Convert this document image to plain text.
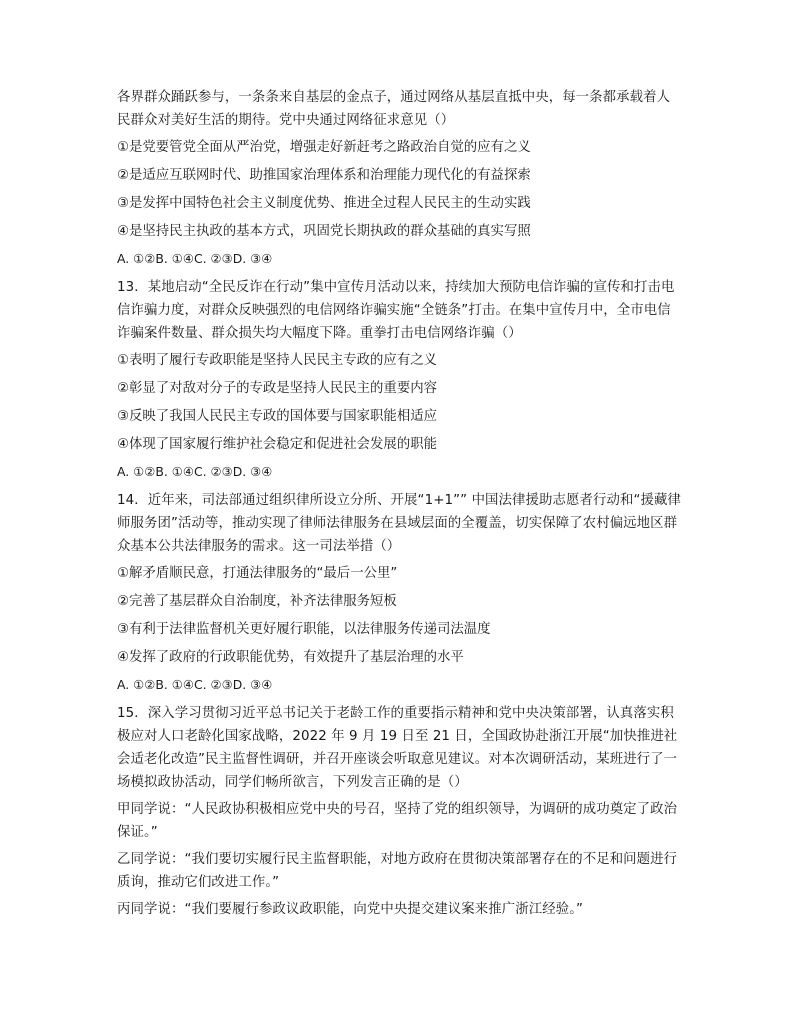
各界群众踊跃参与，一条条来自基层的金点子，通过网络从基层直抵中央，每一条都承载着人民群众对美好生活的期待。党中央通过网络征求意见（）

①是党要管党全面从严治党，增强走好新赶考之路政治自觉的应有之义

②是适应互联网时代、助推国家治理体系和治理能力现代化的有益探索

③是发挥中国特色社会主义制度优势、推进全过程人民民主的生动实践

④是坚持民主执政的基本方式，巩固党长期执政的群众基础的真实写照

A. ①②B. ①④C. ②③D. ③④

13．某地启动“全民反诈在行动”集中宣传月活动以来，持续加大预防电信诈骗的宣传和打击电信诈骗力度，对群众反映强烈的电信网络诈骗实施“全链条”打击。在集中宣传月中，全市电信诈骗案件数量、群众损失均大幅度下降。重拳打击电信网络诈骗（）

①表明了履行专政职能是坚持人民民主专政的应有之义

②彰显了对敌对分子的专政是坚持人民民主的重要内容

③反映了我国人民民主专政的国体要与国家职能相适应

④体现了国家履行维护社会稳定和促进社会发展的职能

A. ①②B. ①④C. ②③D. ③④

14．近年来，司法部通过组织律所设立分所、开展“1+1”” 中国法律援助志愿者行动和“援藏律师服务团”活动等，推动实现了律师法律服务在县域层面的全覆盖，切实保障了农村偏远地区群众基本公共法律服务的需求。这一司法举措（）

①解矛盾顺民意，打通法律服务的“最后一公里”

②完善了基层群众自治制度，补齐法律服务短板

③有利于法律监督机关更好履行职能，以法律服务传递司法温度

④发挥了政府的行政职能优势，有效提升了基层治理的水平

A. ①②B. ①④C. ②③D. ③④

15．深入学习贯彻习近平总书记关于老龄工作的重要指示精神和党中央决策部署，认真落实积极应对人口老龄化国家战略，2022 年 9 月 19 日至 21 日，全国政协赴浙江开展“加快推进社会适老化改造”民主监督性调研，并召开座谈会听取意见建议。对本次调研活动，某班进行了一场模拟政协活动，同学们畅所欲言，下列发言正确的是（）

甲同学说：“人民政协积极相应党中央的号召，坚持了党的组织领导，为调研的成功奠定了政治保证。”

乙同学说：“我们要切实履行民主监督职能，对地方政府在贯彻决策部署存在的不足和问题进行质询，推动它们改进工作。”

丙同学说：“我们要履行参政议政职能，向党中央提交建议案来推广浙江经验。”
